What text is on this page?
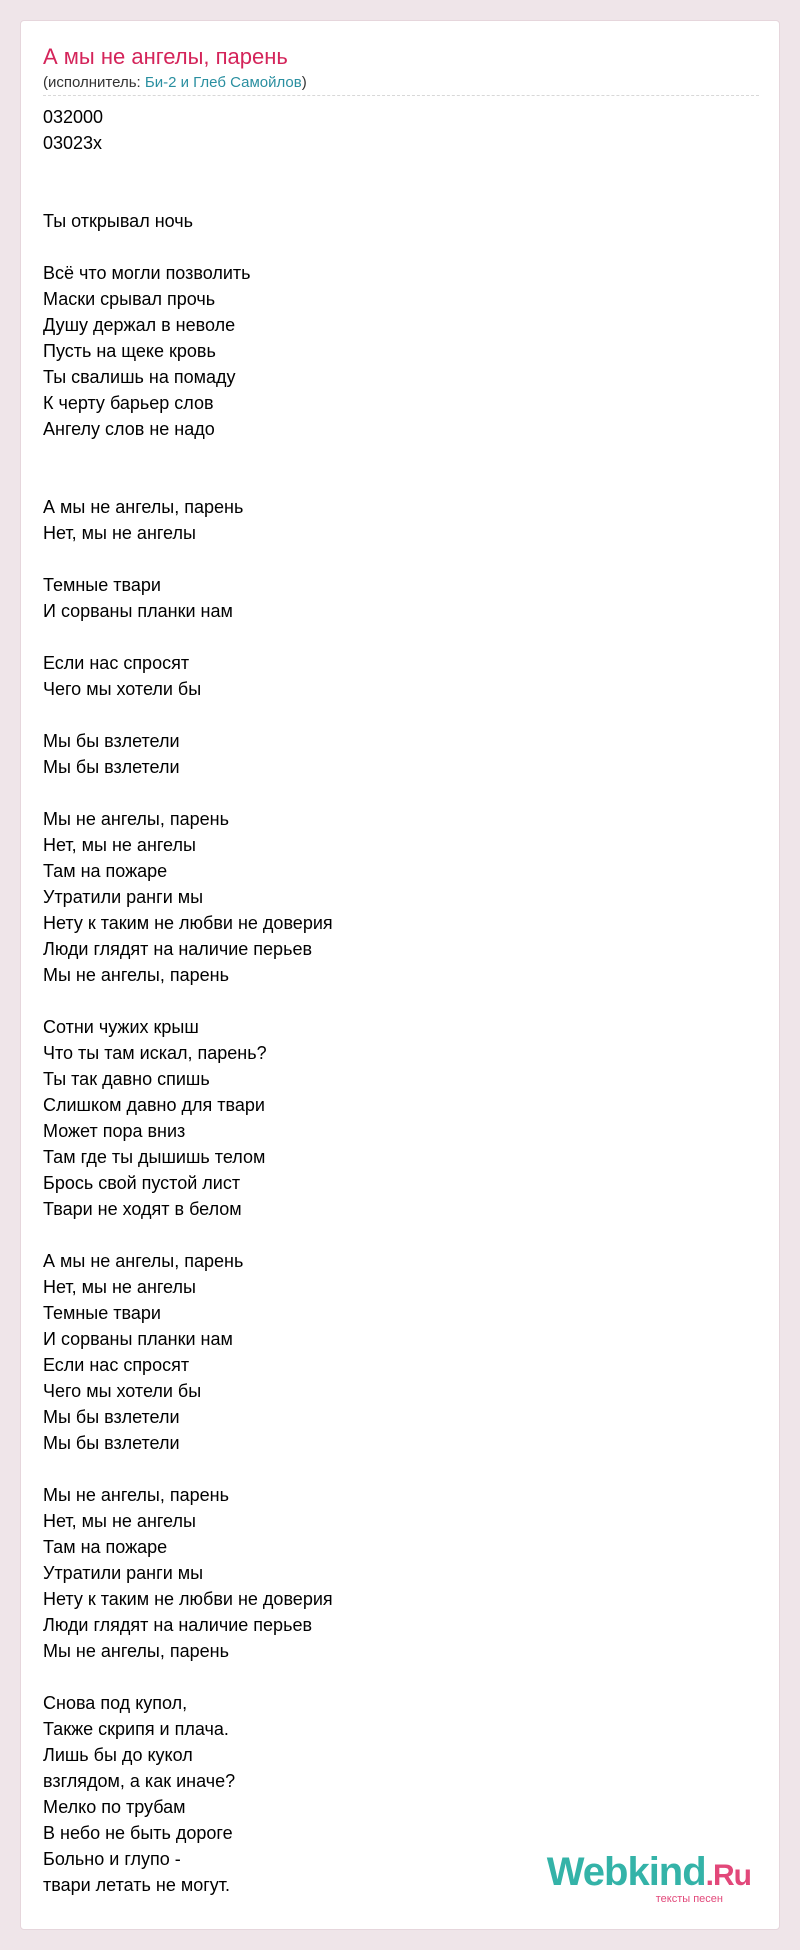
А мы не ангелы, парень
(исполнитель: Би-2 и Глеб Самойлов)
032000
03023x
Ты открывал ночь
Всё что могли позволить
Маски срывал прочь
Душу держал в неволе
Пусть на щеке кровь
Ты свалишь на помаду
К черту барьер слов
Ангелу слов не надо
А мы не ангелы, парень
Нет, мы не ангелы
Темные твари
И сорваны планки нам
Если нас спросят
Чего мы хотели бы
Мы бы взлетели
Мы бы взлетели
Мы не ангелы, парень
Нет, мы не ангелы
Там на пожаре
Утратили ранги мы
Нету к таким не любви не доверия
Люди глядят на наличие перьев
Мы не ангелы, парень
Сотни чужих крыш
Что ты там искал, парень?
Ты так давно спишь
Слишком давно для твари
Может пора вниз
Там где ты дышишь телом
Брось свой пустой лист
Твари не ходят в белом
А мы не ангелы, парень
Нет, мы не ангелы
Темные твари
И сорваны планки нам
Если нас спросят
Чего мы хотели бы
Мы бы взлетели
Мы бы взлетели
Мы не ангелы, парень
Нет, мы не ангелы
Там на пожаре
Утратили ранги мы
Нету к таким не любви не доверия
Люди глядят на наличие перьев
Мы не ангелы, парень
Снова под купол,
Также скрипя и плача.
Лишь бы до кукол
взглядом, а как иначе?
Мелко по трубам
В небо не быть дороге
Больно и глупо -
твари летать не могут.	Webkind.Ru
тексты песен
